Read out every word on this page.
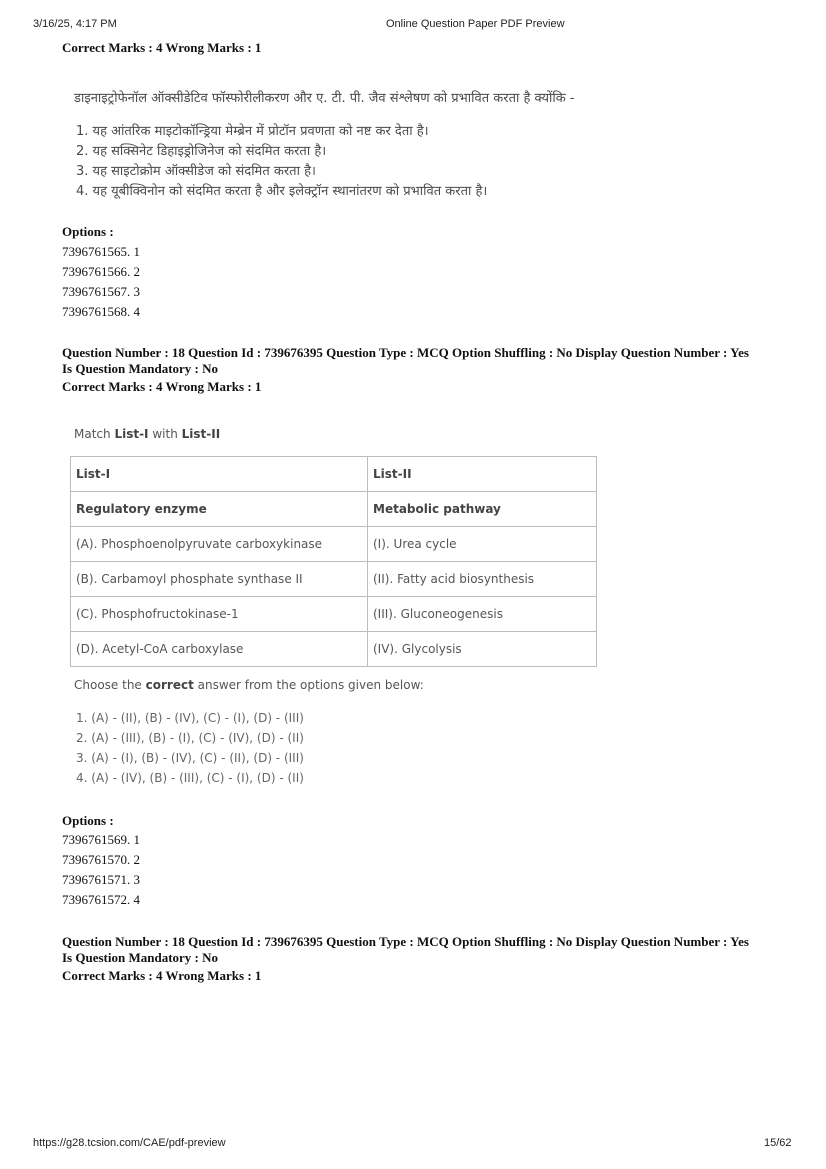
3/16/25, 4:17 PM	Online Question Paper PDF Preview
Correct Marks : 4 Wrong Marks : 1
डाइनाइट्रोफेनॉल ऑक्सीडेटिव फॉस्फोरीलीकरण और ए. टी. पी. जैव संश्लेषण को प्रभावित करता है क्योंकि -
1. यह आंतरिक माइटोकॉन्ड्रिया मेम्ब्रेन में प्रोटॉन प्रवणता को नष्ट कर देता है।
2. यह सक्सिनेट डिहाइड्रोजिनेज को संदमित करता है।
3. यह साइटोक्रोम ऑक्सीडेज को संदमित करता है।
4. यह यूबीक्विनोन को संदमित करता है और इलेक्ट्रॉन स्थानांतरण को प्रभावित करता है।
Options :
7396761565. 1
7396761566. 2
7396761567. 3
7396761568. 4
Question Number : 18 Question Id : 739676395 Question Type : MCQ Option Shuffling : No Display Question Number : Yes
Is Question Mandatory : No
Correct Marks : 4 Wrong Marks : 1
Match List-I with List-II
List-I	List-II
Regulatory enzyme	Metabolic pathway
(A). Phosphoenolpyruvate carboxykinase	(I). Urea cycle
(B). Carbamoyl phosphate synthase II	(II). Fatty acid biosynthesis
(C). Phosphofructokinase-1	(III). Gluconeogenesis
(D). Acetyl-CoA carboxylase	(IV). Glycolysis
Choose the correct answer from the options given below:
1. (A) - (II), (B) - (IV), (C) - (I), (D) - (III)
2. (A) - (III), (B) - (I), (C) - (IV), (D) - (II)
3. (A) - (I), (B) - (IV), (C) - (II), (D) - (III)
4. (A) - (IV), (B) - (III), (C) - (I), (D) - (II)
Options :
7396761569. 1
7396761570. 2
7396761571. 3
7396761572. 4
Question Number : 18 Question Id : 739676395 Question Type : MCQ Option Shuffling : No Display Question Number : Yes
Is Question Mandatory : No
Correct Marks : 4 Wrong Marks : 1
https://g28.tcsion.com/CAE/pdf-preview	15/62
